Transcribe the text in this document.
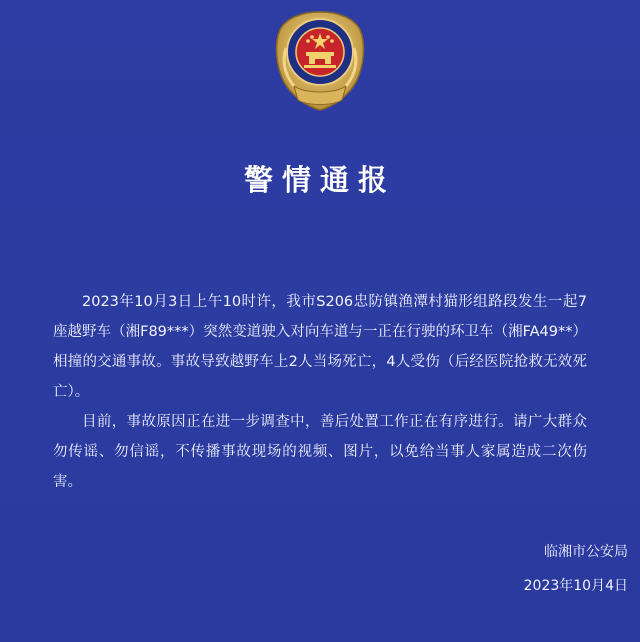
警情通报

2023年10月3日上午10时许，我市S206忠防镇渔潭村猫形组路段发生一起7座越野车（湘F89***）突然变道驶入对向车道与一正在行驶的环卫车（湘FA49**）相撞的交通事故。事故导致越野车上2人当场死亡，4人受伤（后经医院抢救无效死亡）。

目前，事故原因正在进一步调查中，善后处置工作正在有序进行。请广大群众勿传谣、勿信谣，不传播事故现场的视频、图片，以免给当事人家属造成二次伤害。

临湘市公安局
2023年10月4日
